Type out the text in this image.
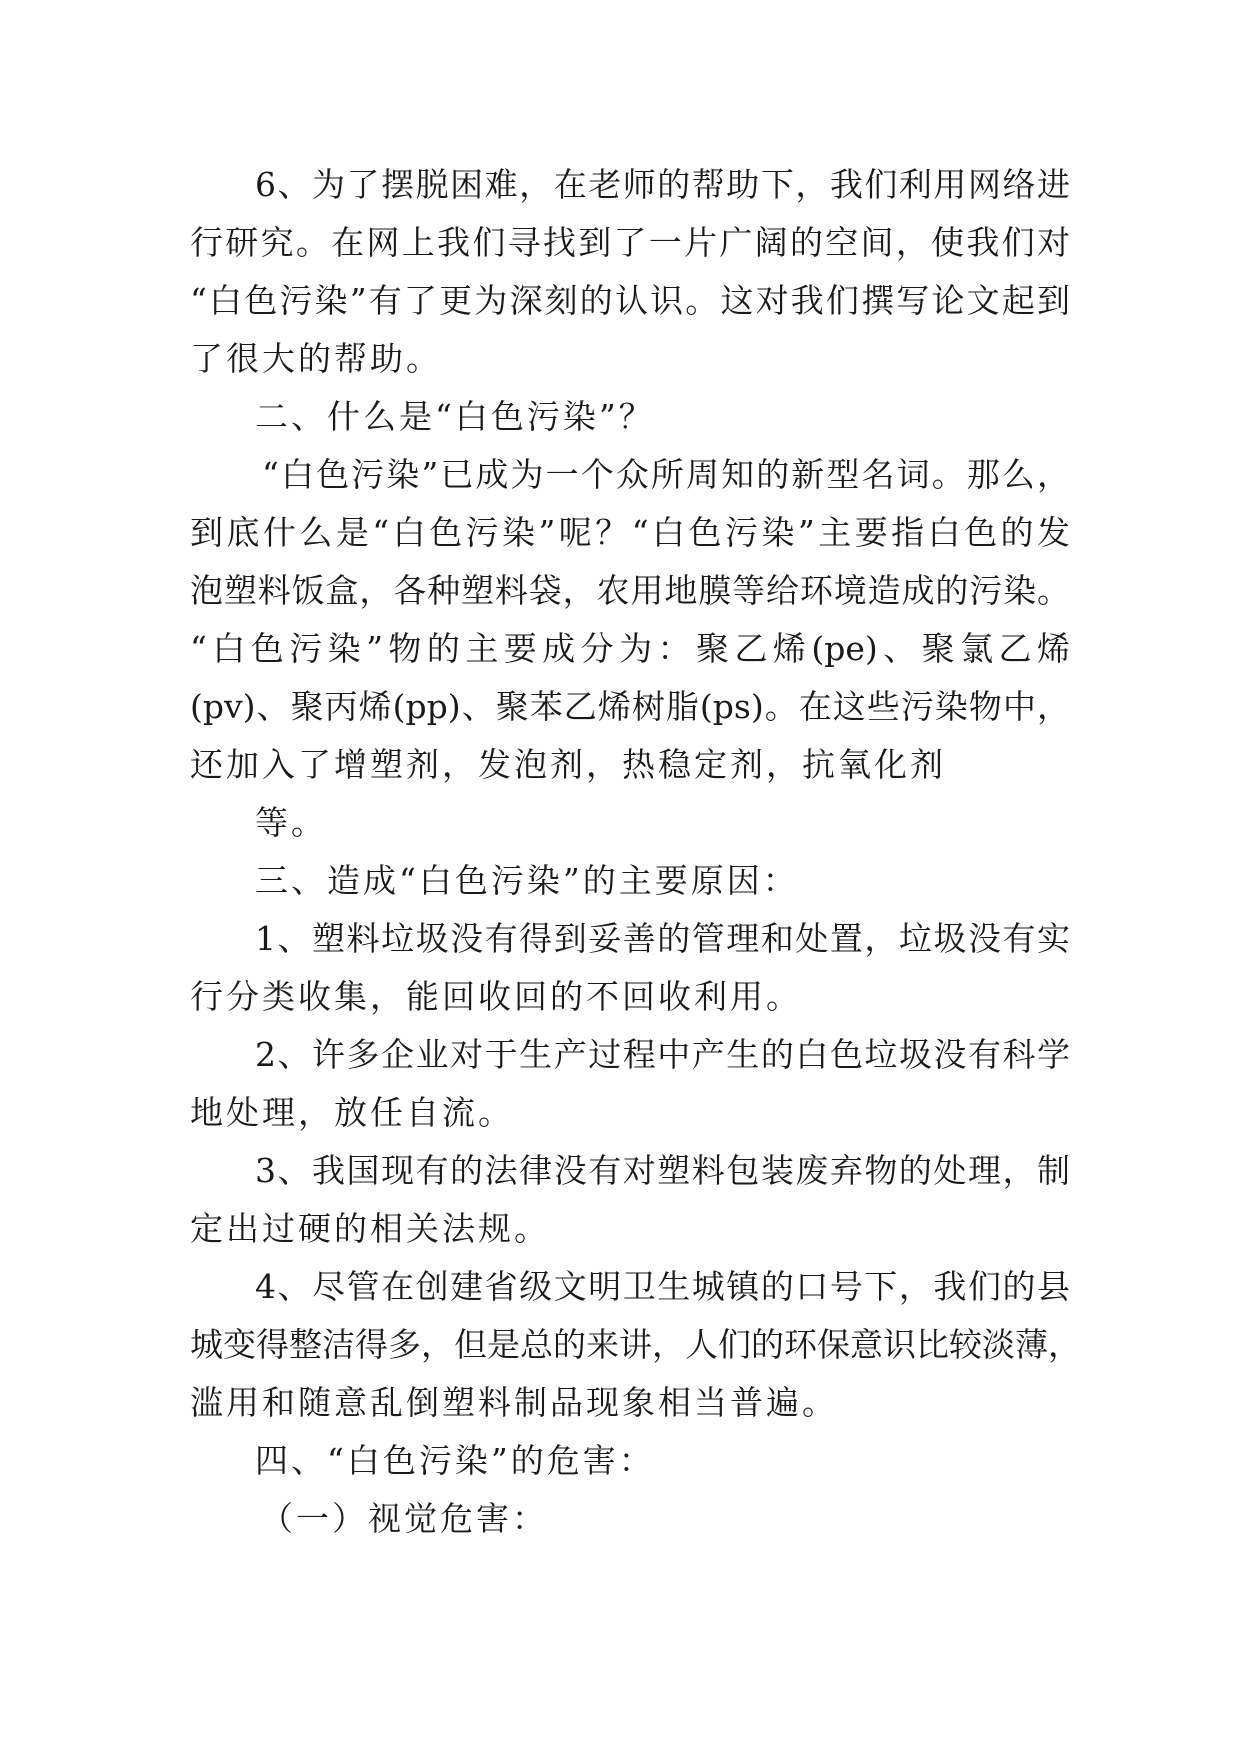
6、为了摆脱困难，在老师的帮助下，我们利用网络进
行研究。在网上我们寻找到了一片广阔的空间，使我们对
“白色污染”有了更为深刻的认识。这对我们撰写论文起到
了很大的帮助。
二、什么是“白色污染”？
“白色污染”已成为一个众所周知的新型名词。那么，
到底什么是“白色污染”呢？“白色污染”主要指白色的发
泡塑料饭盒，各种塑料袋，农用地膜等给环境造成的污染。
“白色污染”物的主要成分为：聚乙烯(pe)、聚氯乙烯
(pv)、聚丙烯(pp)、聚苯乙烯树脂(ps)。在这些污染物中，
还加入了增塑剂，发泡剂，热稳定剂，抗氧化剂
等。
三、造成“白色污染”的主要原因：
1、塑料垃圾没有得到妥善的管理和处置，垃圾没有实
行分类收集，能回收回的不回收利用。
2、许多企业对于生产过程中产生的白色垃圾没有科学
地处理，放任自流。
3、我国现有的法律没有对塑料包装废弃物的处理，制
定出过硬的相关法规。
4、尽管在创建省级文明卫生城镇的口号下，我们的县
城变得整洁得多，但是总的来讲，人们的环保意识比较淡薄，
滥用和随意乱倒塑料制品现象相当普遍。
四、“白色污染”的危害：
（一）视觉危害：
